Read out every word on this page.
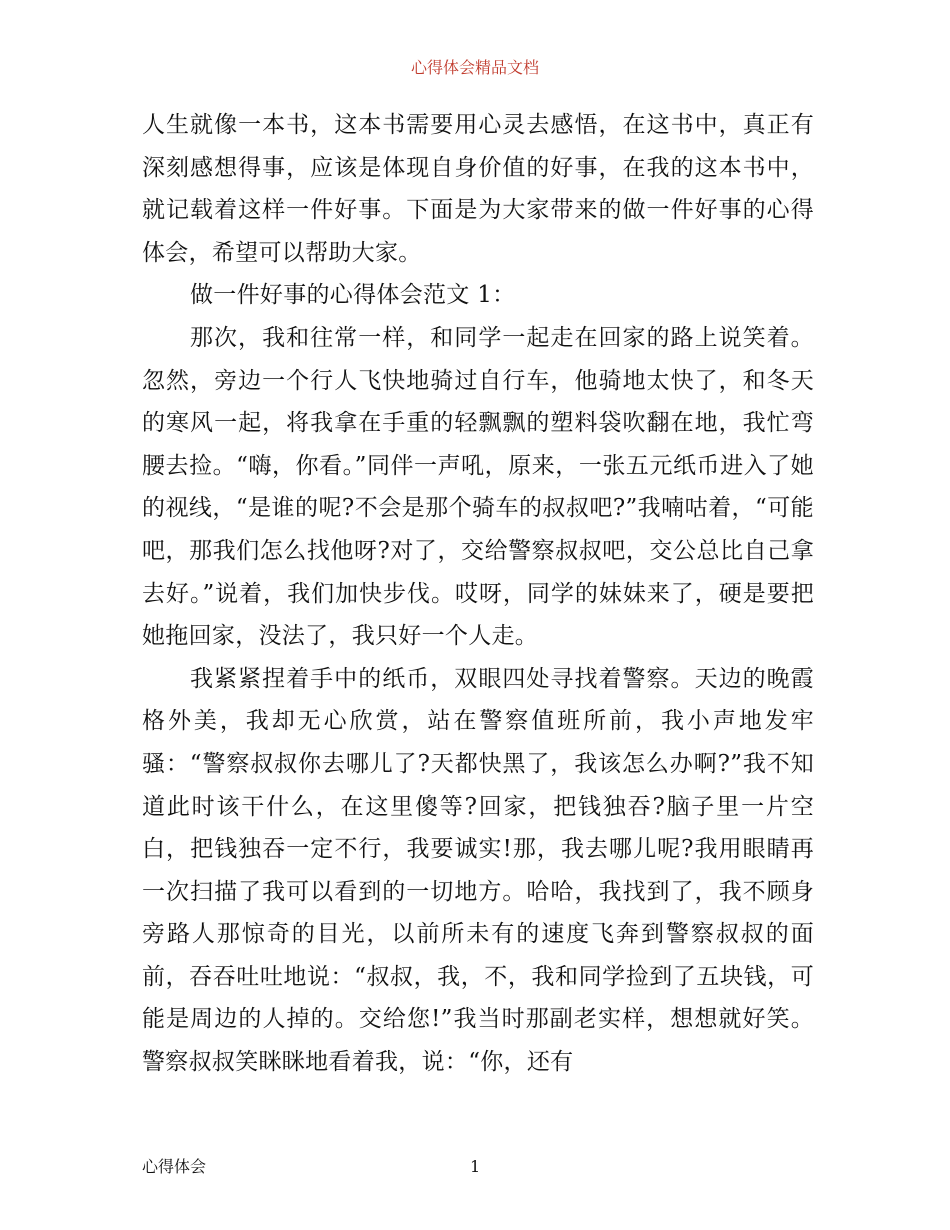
心得体会精品文档

人生就像一本书，这本书需要用心灵去感悟，在这书中，真正有深刻感想得事，应该是体现自身价值的好事，在我的这本书中，就记载着这样一件好事。下面是为大家带来的做一件好事的心得体会，希望可以帮助大家。

做一件好事的心得体会范文 1：

那次，我和往常一样，和同学一起走在回家的路上说笑着。忽然，旁边一个行人飞快地骑过自行车，他骑地太快了，和冬天的寒风一起，将我拿在手重的轻飘飘的塑料袋吹翻在地，我忙弯腰去捡。“嗨，你看。”同伴一声吼，原来，一张五元纸币进入了她的视线，“是谁的呢?不会是那个骑车的叔叔吧?”我喃咕着，“可能吧，那我们怎么找他呀?对了，交给警察叔叔吧，交公总比自己拿去好。”说着，我们加快步伐。哎呀，同学的妹妹来了，硬是要把她拖回家，没法了，我只好一个人走。

我紧紧捏着手中的纸币，双眼四处寻找着警察。天边的晚霞格外美，我却无心欣赏，站在警察值班所前，我小声地发牢骚：“警察叔叔你去哪儿了?天都快黑了，我该怎么办啊?”我不知道此时该干什么，在这里傻等?回家，把钱独吞?脑子里一片空白，把钱独吞一定不行，我要诚实!那，我去哪儿呢?我用眼睛再一次扫描了我可以看到的一切地方。哈哈，我找到了，我不顾身旁路人那惊奇的目光，以前所未有的速度飞奔到警察叔叔的面前，吞吞吐吐地说：“叔叔，我，不，我和同学捡到了五块钱，可能是周边的人掉的。交给您!”我当时那副老实样，想想就好笑。警察叔叔笑眯眯地看着我，说：“你，还有

心得体会	1
